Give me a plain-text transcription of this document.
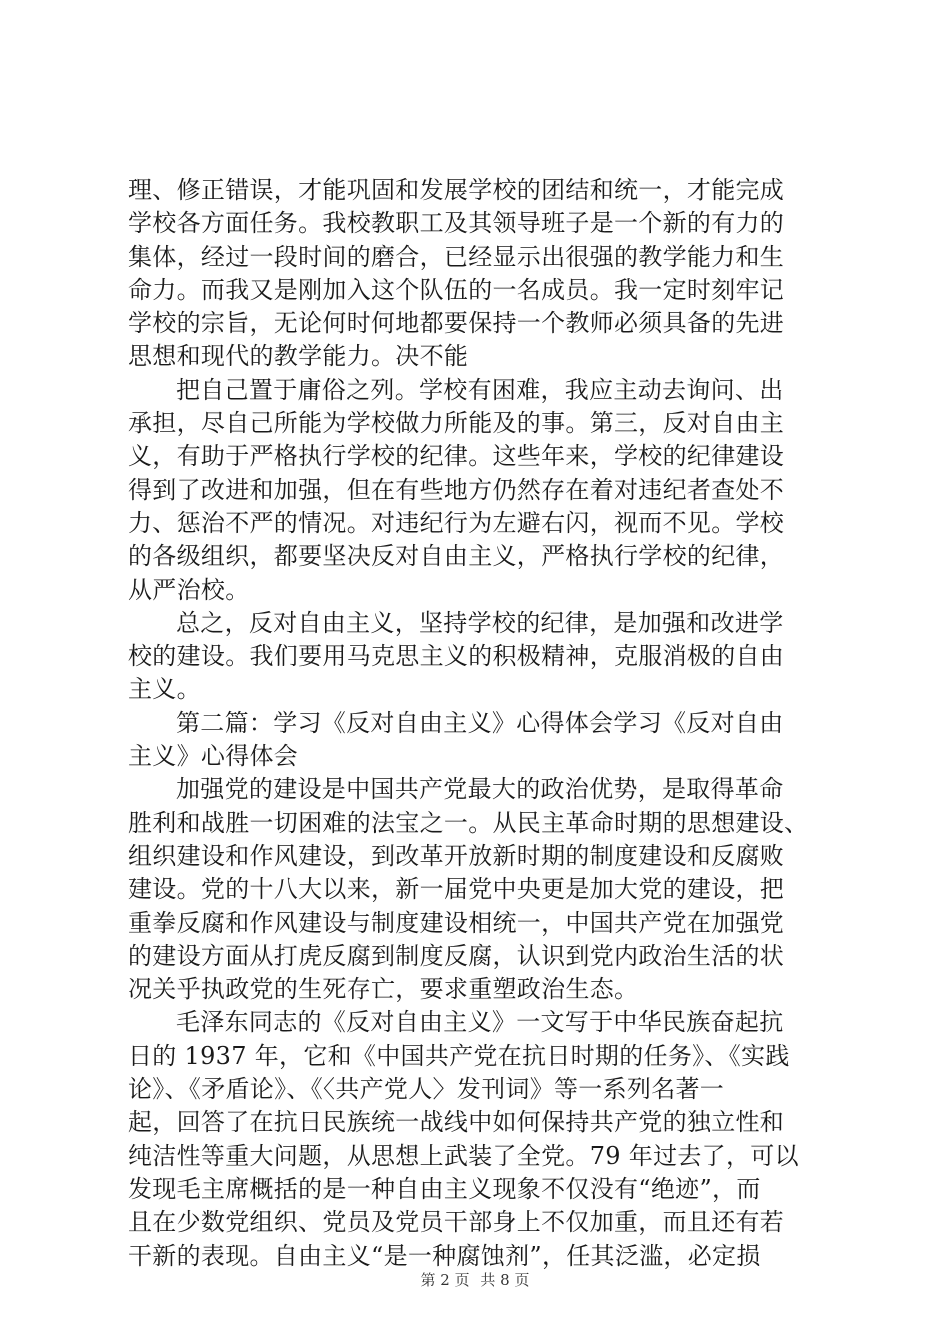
理、修正错误，才能巩固和发展学校的团结和统一，才能完成
学校各方面任务。我校教职工及其领导班子是一个新的有力的
集体，经过一段时间的磨合，已经显示出很强的教学能力和生
命力。而我又是刚加入这个队伍的一名成员。我一定时刻牢记
学校的宗旨，无论何时何地都要保持一个教师必须具备的先进
思想和现代的教学能力。决不能
把自己置于庸俗之列。学校有困难，我应主动去询问、出
承担，尽自己所能为学校做力所能及的事。第三，反对自由主
义，有助于严格执行学校的纪律。这些年来，学校的纪律建设
得到了改进和加强，但在有些地方仍然存在着对违纪者查处不
力、惩治不严的情况。对违纪行为左避右闪，视而不见。学校
的各级组织，都要坚决反对自由主义，严格执行学校的纪律，
从严治校。
总之，反对自由主义，坚持学校的纪律，是加强和改进学
校的建设。我们要用马克思主义的积极精神，克服消极的自由
主义。
第二篇：学习《反对自由主义》心得体会学习《反对自由
主义》心得体会
加强党的建设是中国共产党最大的政治优势，是取得革命
胜利和战胜一切困难的法宝之一。从民主革命时期的思想建设、
组织建设和作风建设，到改革开放新时期的制度建设和反腐败
建设。党的十八大以来，新一届党中央更是加大党的建设，把
重拳反腐和作风建设与制度建设相统一，中国共产党在加强党
的建设方面从打虎反腐到制度反腐，认识到党内政治生活的状
况关乎执政党的生死存亡，要求重塑政治生态。
毛泽东同志的《反对自由主义》一文写于中华民族奋起抗
日的 1937 年，它和《中国共产党在抗日时期的任务》、《实践
论》、《矛盾论》、《〈共产党人〉发刊词》等一系列名著一
起，回答了在抗日民族统一战线中如何保持共产党的独立性和
纯洁性等重大问题，从思想上武装了全党。79 年过去了，可以
发现毛主席概括的是一种自由主义现象不仅没有“绝迹”，而
且在少数党组织、党员及党员干部身上不仅加重，而且还有若
干新的表现。自由主义“是一种腐蚀剂”，任其泛滥，必定损
第 2 页 共 8 页
